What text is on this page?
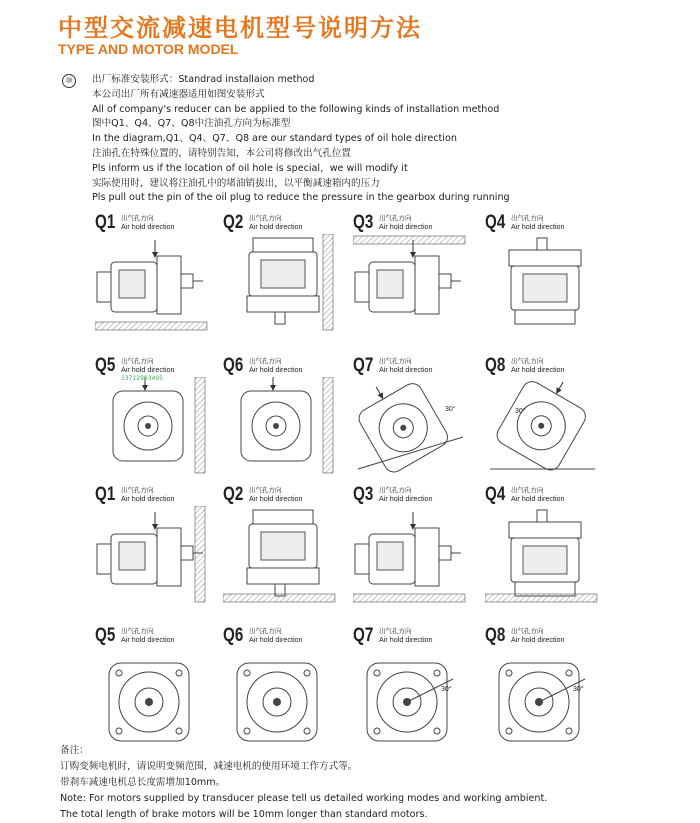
中型交流减速电机型号说明方法
TYPE AND MOTOR MODEL
⑩	出厂标准安装形式：Standrad installaion method
本公司出厂所有减速器适用如图安装形式
All of company's reducer can be applied to the following kinds of installation method
图中Q1、Q4、Q7、Q8中注油孔方向为标准型
In the diagram,Q1、Q4、Q7、Q8 are our standard types of oil hole direction
注油孔在特殊位置的，请特别告知，本公司将修改出气孔位置
Pls inform us if the location of oil hole is special，we will modify it
实际使用时，建议将注油孔中的堵油销拔出，以平衡减速箱内的压力
Pls pull out the pin of the oil plug to reduce the pressure in the gearbox during running
Q1 出气孔方向
Air hold direction	Q2 出气孔方向
Air hold direction	Q3 出气孔方向
Air hold direction	Q4 出气孔方向
Air hold direction
Q5 出气孔方向
Air hold direction	Q6 出气孔方向
Air hold direction	Q7 出气孔方向
Air hold direction
30°
Q8 出气孔方向
Air hold direction
30°
Q1 出气孔方向
Air hold direction	Q2 出气孔方向
Air hold direction	Q3 出气孔方向
Air hold direction	Q4 出气孔方向
Air hold direction
Q5 出气孔方向
Air hold direction	Q6 出气孔方向
Air hold direction	Q7 出气孔方向
Air hold direction
30°
Q8 出气孔方向
Air hold direction
30°
13712903495
备注：
订购变频电机时，请说明变频范围，减速电机的使用环境工作方式等。
带刹车减速电机总长度需增加10mm。
Note: For motors supplied by transducer please tell us detailed working modes and working ambient.
The total length of brake motors will be 10mm longer than standard motors.
